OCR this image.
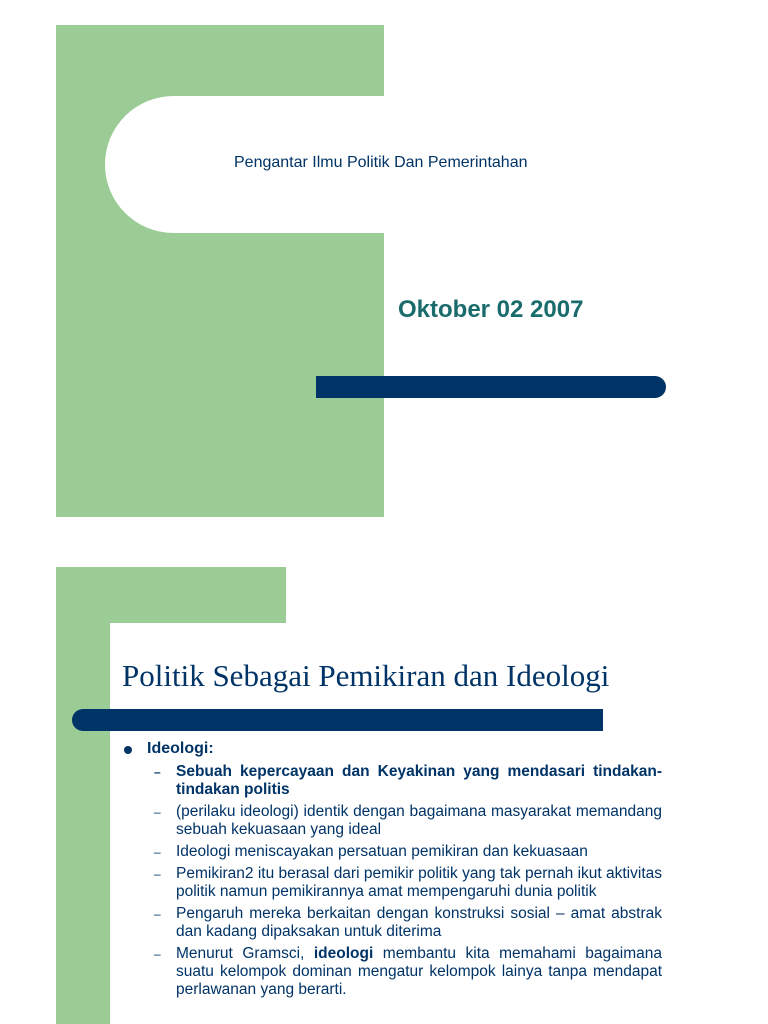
Pengantar Ilmu Politik Dan Pemerintahan
Oktober 02 2007
Politik Sebagai Pemikiran dan Ideologi
Ideologi:
– Sebuah kepercayaan dan Keyakinan yang mendasari tindakan-tindakan politis
– (perilaku ideologi) identik dengan bagaimana masyarakat memandang sebuah kekuasaan yang ideal
– Ideologi meniscayakan persatuan pemikiran dan kekuasaan
– Pemikiran2 itu berasal dari pemikir politik yang tak pernah ikut aktivitas politik namun pemikirannya amat mempengaruhi dunia politik
– Pengaruh mereka berkaitan dengan konstruksi sosial – amat abstrak dan kadang dipaksakan untuk diterima
– Menurut Gramsci, ideologi membantu kita memahami bagaimana suatu kelompok dominan mengatur kelompok lainya tanpa mendapat perlawanan yang berarti.
